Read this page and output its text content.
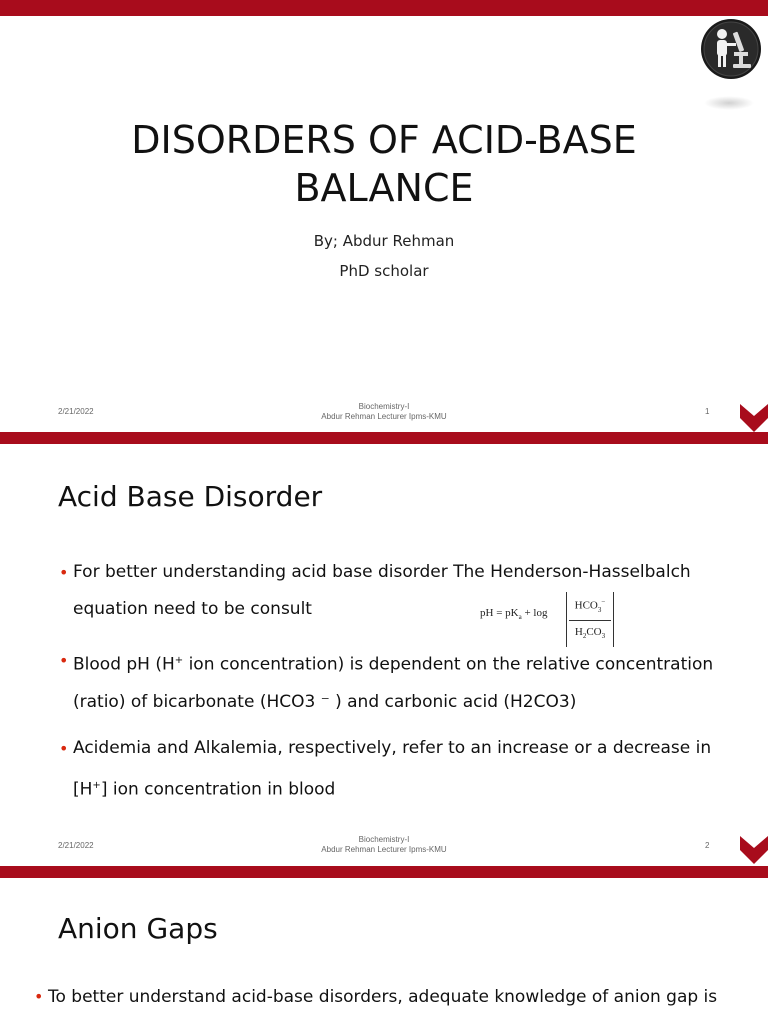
DISORDERS OF ACID-BASE
BALANCE
By; Abdur Rehman
PhD scholar
2/21/2022
Biochemistry-I
Abdur Rehman Lecturer Ipms-KMU
1
Acid Base Disorder
• For better understanding acid base disorder The Henderson-Hasselbalch
equation need to be consult
• Blood pH (H+ ion concentration) is dependent on the relative concentration
(ratio) of bicarbonate (HCO3 ⁻ ) and carbonic acid (H2CO3)
• Acidemia and Alkalemia, respectively, refer to an increase or a decrease in
[H+] ion concentration in blood
2/21/2022
Biochemistry-I
Abdur Rehman Lecturer Ipms-KMU	2
pH = $pK_a + \log$
$HCO_3^-$
$H_2CO_3$
Anion Gaps
• To better understand acid-base disorders, adequate knowledge of anion gap is
